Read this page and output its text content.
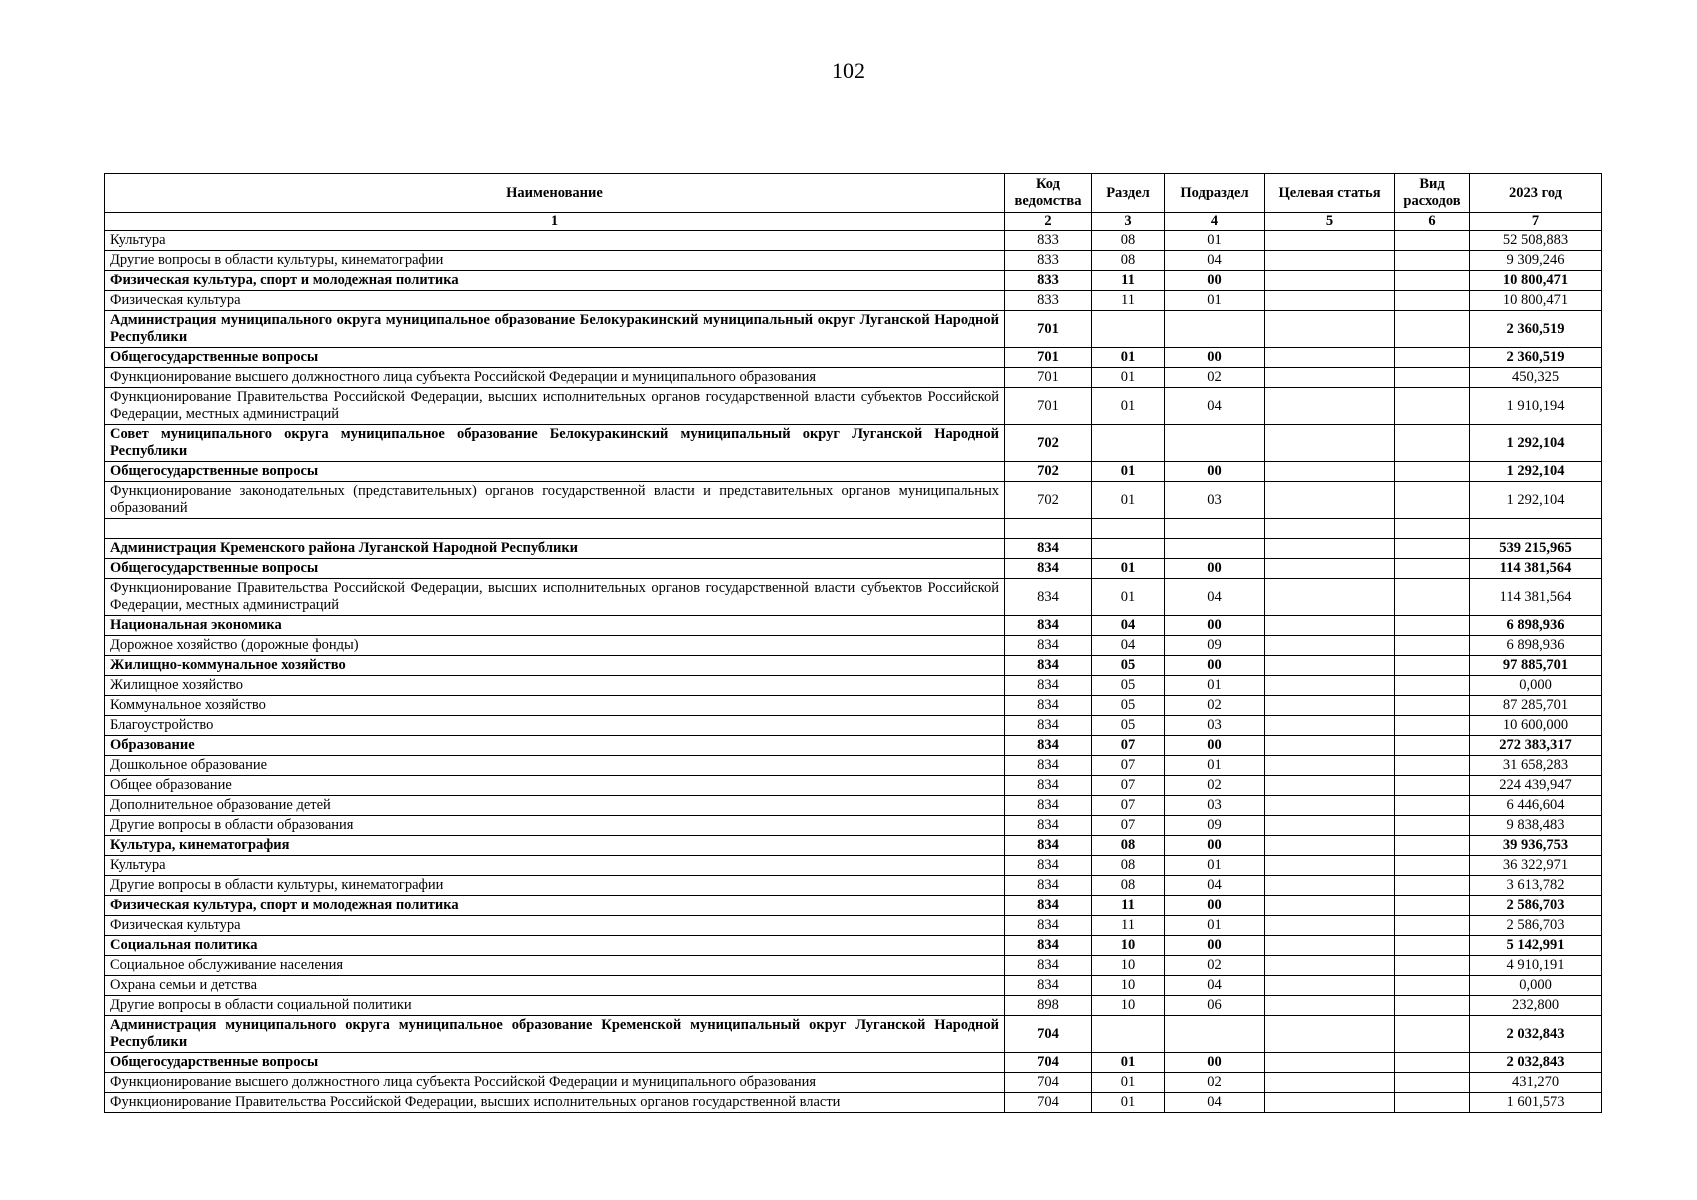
102
Наименование	Код ведомства	Раздел	Подраздел	Целевая статья	Вид расходов	2023 год
1	2	3	4	5	6	7
Культура	833	08	01			52 508,883
Другие вопросы в области культуры, кинематографии	833	08	04			9 309,246
Физическая культура, спорт и молодежная политика	833	11	00			10 800,471
Физическая культура	833	11	01			10 800,471
Администрация муниципального округа муниципальное образование Белокуракинский муниципальный округ Луганской Народной Республики	701					2 360,519
Общегосударственные вопросы	701	01	00			2 360,519
Функционирование высшего должностного лица субъекта Российской Федерации и муниципального образования	701	01	02			450,325
Функционирование Правительства Российской Федерации, высших исполнительных органов государственной власти субъектов Российской Федерации, местных администраций	701	01	04			1 910,194
Совет муниципального округа муниципальное образование Белокуракинский муниципальный округ Луганской Народной Республики	702					1 292,104
Общегосударственные вопросы	702	01	00			1 292,104
Функционирование законодательных (представительных) органов государственной власти и представительных органов муниципальных образований	702	01	03			1 292,104

Администрация Кременского района Луганской Народной Республики	834					539 215,965
Общегосударственные вопросы	834	01	00			114 381,564
Функционирование Правительства Российской Федерации, высших исполнительных органов государственной власти субъектов Российской Федерации, местных администраций	834	01	04			114 381,564
Национальная экономика	834	04	00			6 898,936
Дорожное хозяйство (дорожные фонды)	834	04	09			6 898,936
Жилищно-коммунальное хозяйство	834	05	00			97 885,701
Жилищное хозяйство	834	05	01			0,000
Коммунальное хозяйство	834	05	02			87 285,701
Благоустройство	834	05	03			10 600,000
Образование	834	07	00			272 383,317
Дошкольное образование	834	07	01			31 658,283
Общее образование	834	07	02			224 439,947
Дополнительное образование детей	834	07	03			6 446,604
Другие вопросы в области образования	834	07	09			9 838,483
Культура, кинематография	834	08	00			39 936,753
Культура	834	08	01			36 322,971
Другие вопросы в области культуры, кинематографии	834	08	04			3 613,782
Физическая культура, спорт и молодежная политика	834	11	00			2 586,703
Физическая культура	834	11	01			2 586,703
Социальная политика	834	10	00			5 142,991
Социальное обслуживание населения	834	10	02			4 910,191
Охрана семьи и детства	834	10	04			0,000
Другие вопросы в области социальной политики	898	10	06			232,800
Администрация муниципального округа муниципальное образование Кременской муниципальный округ Луганской Народной Республики	704					2 032,843
Общегосударственные вопросы	704	01	00			2 032,843
Функционирование высшего должностного лица субъекта Российской Федерации и муниципального образования	704	01	02			431,270
Функционирование Правительства Российской Федерации, высших исполнительных органов государственной власти	704	01	04			1 601,573
